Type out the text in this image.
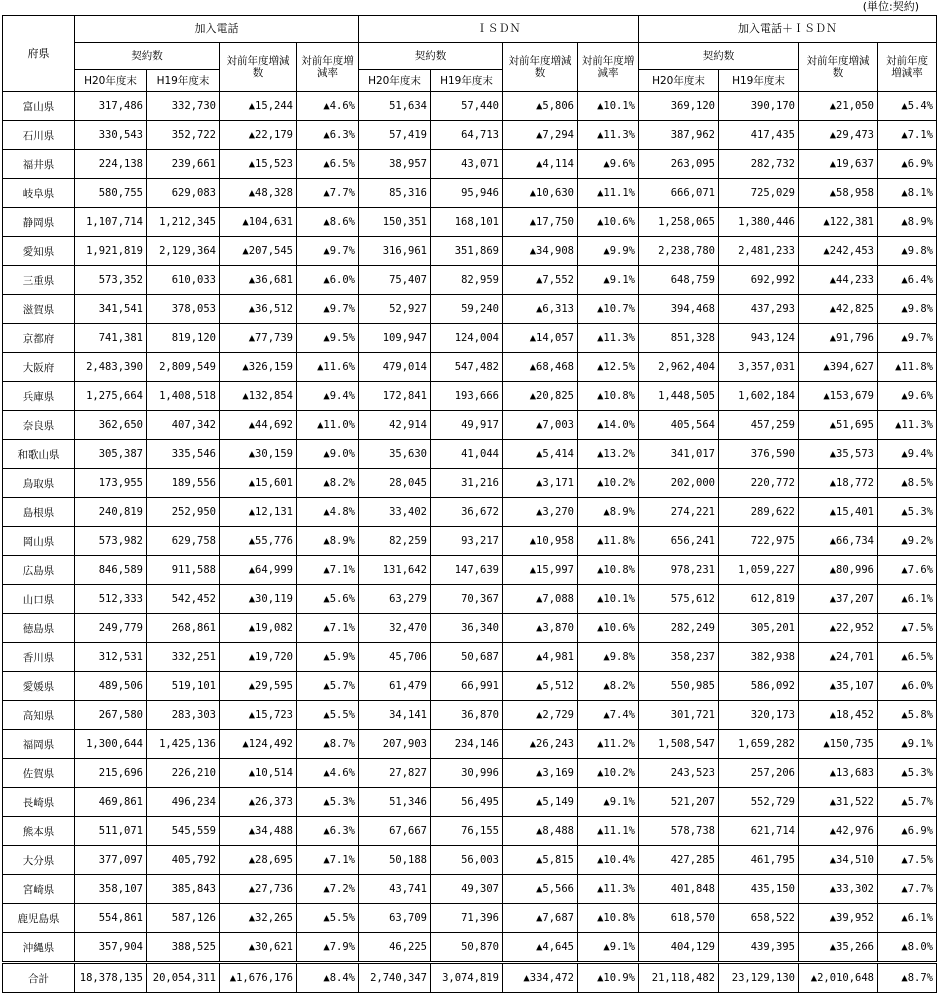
(単位:契約)
府県	加入電話				ＩＳＤＮ				加入電話＋ＩＳＤＮ			
	契約数		対前年度増減数	対前年度増減率	契約数		対前年度増減数	対前年度増減率	契約数		対前年度増減数	対前年度増減率
	H20年度末	H19年度末			H20年度末	H19年度末			H20年度末	H19年度末		
富山県	317,486	332,730	▲15,244	▲4.6%	51,634	57,440	▲5,806	▲10.1%	369,120	390,170	▲21,050	▲5.4%
石川県	330,543	352,722	▲22,179	▲6.3%	57,419	64,713	▲7,294	▲11.3%	387,962	417,435	▲29,473	▲7.1%
福井県	224,138	239,661	▲15,523	▲6.5%	38,957	43,071	▲4,114	▲9.6%	263,095	282,732	▲19,637	▲6.9%
岐阜県	580,755	629,083	▲48,328	▲7.7%	85,316	95,946	▲10,630	▲11.1%	666,071	725,029	▲58,958	▲8.1%
静岡県	1,107,714	1,212,345	▲104,631	▲8.6%	150,351	168,101	▲17,750	▲10.6%	1,258,065	1,380,446	▲122,381	▲8.9%
愛知県	1,921,819	2,129,364	▲207,545	▲9.7%	316,961	351,869	▲34,908	▲9.9%	2,238,780	2,481,233	▲242,453	▲9.8%
三重県	573,352	610,033	▲36,681	▲6.0%	75,407	82,959	▲7,552	▲9.1%	648,759	692,992	▲44,233	▲6.4%
滋賀県	341,541	378,053	▲36,512	▲9.7%	52,927	59,240	▲6,313	▲10.7%	394,468	437,293	▲42,825	▲9.8%
京都府	741,381	819,120	▲77,739	▲9.5%	109,947	124,004	▲14,057	▲11.3%	851,328	943,124	▲91,796	▲9.7%
大阪府	2,483,390	2,809,549	▲326,159	▲11.6%	479,014	547,482	▲68,468	▲12.5%	2,962,404	3,357,031	▲394,627	▲11.8%
兵庫県	1,275,664	1,408,518	▲132,854	▲9.4%	172,841	193,666	▲20,825	▲10.8%	1,448,505	1,602,184	▲153,679	▲9.6%
奈良県	362,650	407,342	▲44,692	▲11.0%	42,914	49,917	▲7,003	▲14.0%	405,564	457,259	▲51,695	▲11.3%
和歌山県	305,387	335,546	▲30,159	▲9.0%	35,630	41,044	▲5,414	▲13.2%	341,017	376,590	▲35,573	▲9.4%
鳥取県	173,955	189,556	▲15,601	▲8.2%	28,045	31,216	▲3,171	▲10.2%	202,000	220,772	▲18,772	▲8.5%
島根県	240,819	252,950	▲12,131	▲4.8%	33,402	36,672	▲3,270	▲8.9%	274,221	289,622	▲15,401	▲5.3%
岡山県	573,982	629,758	▲55,776	▲8.9%	82,259	93,217	▲10,958	▲11.8%	656,241	722,975	▲66,734	▲9.2%
広島県	846,589	911,588	▲64,999	▲7.1%	131,642	147,639	▲15,997	▲10.8%	978,231	1,059,227	▲80,996	▲7.6%
山口県	512,333	542,452	▲30,119	▲5.6%	63,279	70,367	▲7,088	▲10.1%	575,612	612,819	▲37,207	▲6.1%
徳島県	249,779	268,861	▲19,082	▲7.1%	32,470	36,340	▲3,870	▲10.6%	282,249	305,201	▲22,952	▲7.5%
香川県	312,531	332,251	▲19,720	▲5.9%	45,706	50,687	▲4,981	▲9.8%	358,237	382,938	▲24,701	▲6.5%
愛媛県	489,506	519,101	▲29,595	▲5.7%	61,479	66,991	▲5,512	▲8.2%	550,985	586,092	▲35,107	▲6.0%
高知県	267,580	283,303	▲15,723	▲5.5%	34,141	36,870	▲2,729	▲7.4%	301,721	320,173	▲18,452	▲5.8%
福岡県	1,300,644	1,425,136	▲124,492	▲8.7%	207,903	234,146	▲26,243	▲11.2%	1,508,547	1,659,282	▲150,735	▲9.1%
佐賀県	215,696	226,210	▲10,514	▲4.6%	27,827	30,996	▲3,169	▲10.2%	243,523	257,206	▲13,683	▲5.3%
長崎県	469,861	496,234	▲26,373	▲5.3%	51,346	56,495	▲5,149	▲9.1%	521,207	552,729	▲31,522	▲5.7%
熊本県	511,071	545,559	▲34,488	▲6.3%	67,667	76,155	▲8,488	▲11.1%	578,738	621,714	▲42,976	▲6.9%
大分県	377,097	405,792	▲28,695	▲7.1%	50,188	56,003	▲5,815	▲10.4%	427,285	461,795	▲34,510	▲7.5%
宮崎県	358,107	385,843	▲27,736	▲7.2%	43,741	49,307	▲5,566	▲11.3%	401,848	435,150	▲33,302	▲7.7%
鹿児島県	554,861	587,126	▲32,265	▲5.5%	63,709	71,396	▲7,687	▲10.8%	618,570	658,522	▲39,952	▲6.1%
沖縄県	357,904	388,525	▲30,621	▲7.9%	46,225	50,870	▲4,645	▲9.1%	404,129	439,395	▲35,266	▲8.0%
合計	18,378,135	20,054,311	▲1,676,176	▲8.4%	2,740,347	3,074,819	▲334,472	▲10.9%	21,118,482	23,129,130	▲2,010,648	▲8.7%
